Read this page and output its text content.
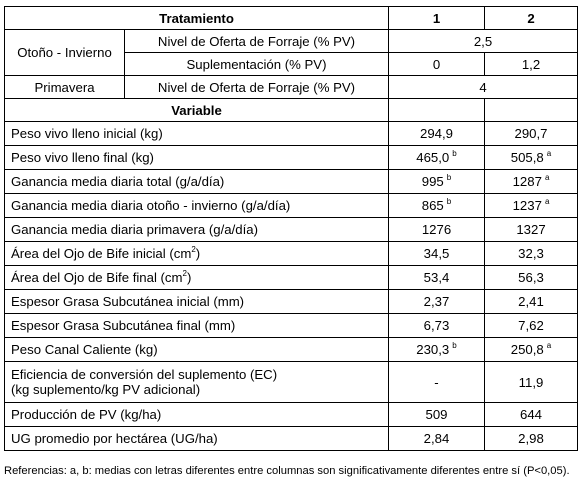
Tratamiento		1	2
Otoño - Invierno	Nivel de Oferta de Forraje (% PV)	2,5	
	Suplementación (% PV)	0	1,2
Primavera	Nivel de Oferta de Forraje (% PV)	4	
Variable			
Peso vivo lleno inicial (kg)		294,9	290,7
Peso vivo lleno final (kg)		465,0 $^b$	505,8 $^a$
Ganancia media diaria total (g/a/día)		995 $^b$	1287 $^a$
Ganancia media diaria otoño - invierno (g/a/día)		865 $^b$	1237 $^a$
Ganancia media diaria primavera (g/a/día)		1276	1327
Área del Ojo de Bife inicial $(cm^2)$		34,5	32,3
Área del Ojo de Bife final $(cm^2)$		53,4	56,3
Espesor Grasa Subcutánea inicial (mm)		2,37	2,41
Espesor Grasa Subcutánea final (mm)		6,73	7,62
Peso Canal Caliente (kg)		230,3 $^b$	250,8 $^a$
Eficiencia de conversión del suplemento (EC)
(kg suplemento/kg PV adicional)		-	11,9
Producción de PV (kg/ha)		509	644
UG promedio por hectárea (UG/ha)		2,84	2,98
Referencias: a, b: medias con letras diferentes entre columnas son significativamente diferentes entre sí (P<0,05).
